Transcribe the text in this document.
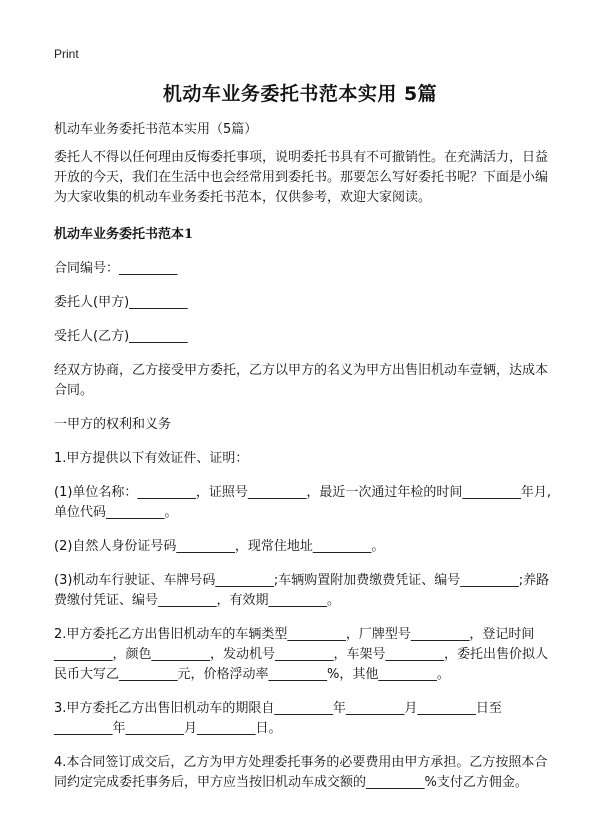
Print
机动车业务委托书范本实用 5篇

机动车业务委托书范本实用（5篇）

委托人不得以任何理由反悔委托事项，说明委托书具有不可撤销性。在充满活力，日益开放的今天，我们在生活中也会经常用到委托书。那要怎么写好委托书呢？下面是小编为大家收集的机动车业务委托书范本，仅供参考，欢迎大家阅读。

机动车业务委托书范本1

合同编号：_________

委托人(甲方)_________

受托人(乙方)_________

经双方协商，乙方接受甲方委托，乙方以甲方的名义为甲方出售旧机动车壹辆，达成本合同。

一甲方的权利和义务

1.甲方提供以下有效证件、证明：

(1)单位名称：_________，证照号_________，最近一次通过年检的时间_________年月,单位代码_________。

(2)自然人身份证号码_________，现常住地址_________。

(3)机动车行驶证、车牌号码_________;车辆购置附加费缴费凭证、编号_________;养路费缴付凭证、编号_________，有效期_________。

2.甲方委托乙方出售旧机动车的车辆类型_________，厂牌型号_________，登记时间_________，颜色_________，发动机号_________，车架号_________，委托出售价拟人民币大写乙_________元，价格浮动率_________%，其他_________。

3.甲方委托乙方出售旧机动车的期限自_________年_________月_________日至_________年_________月_________日。

4.本合同签订成交后，乙方为甲方处理委托事务的必要费用由甲方承担。乙方按照本合同约定完成委托事务后，甲方应当按旧机动车成交额的_________%支付乙方佣金。
